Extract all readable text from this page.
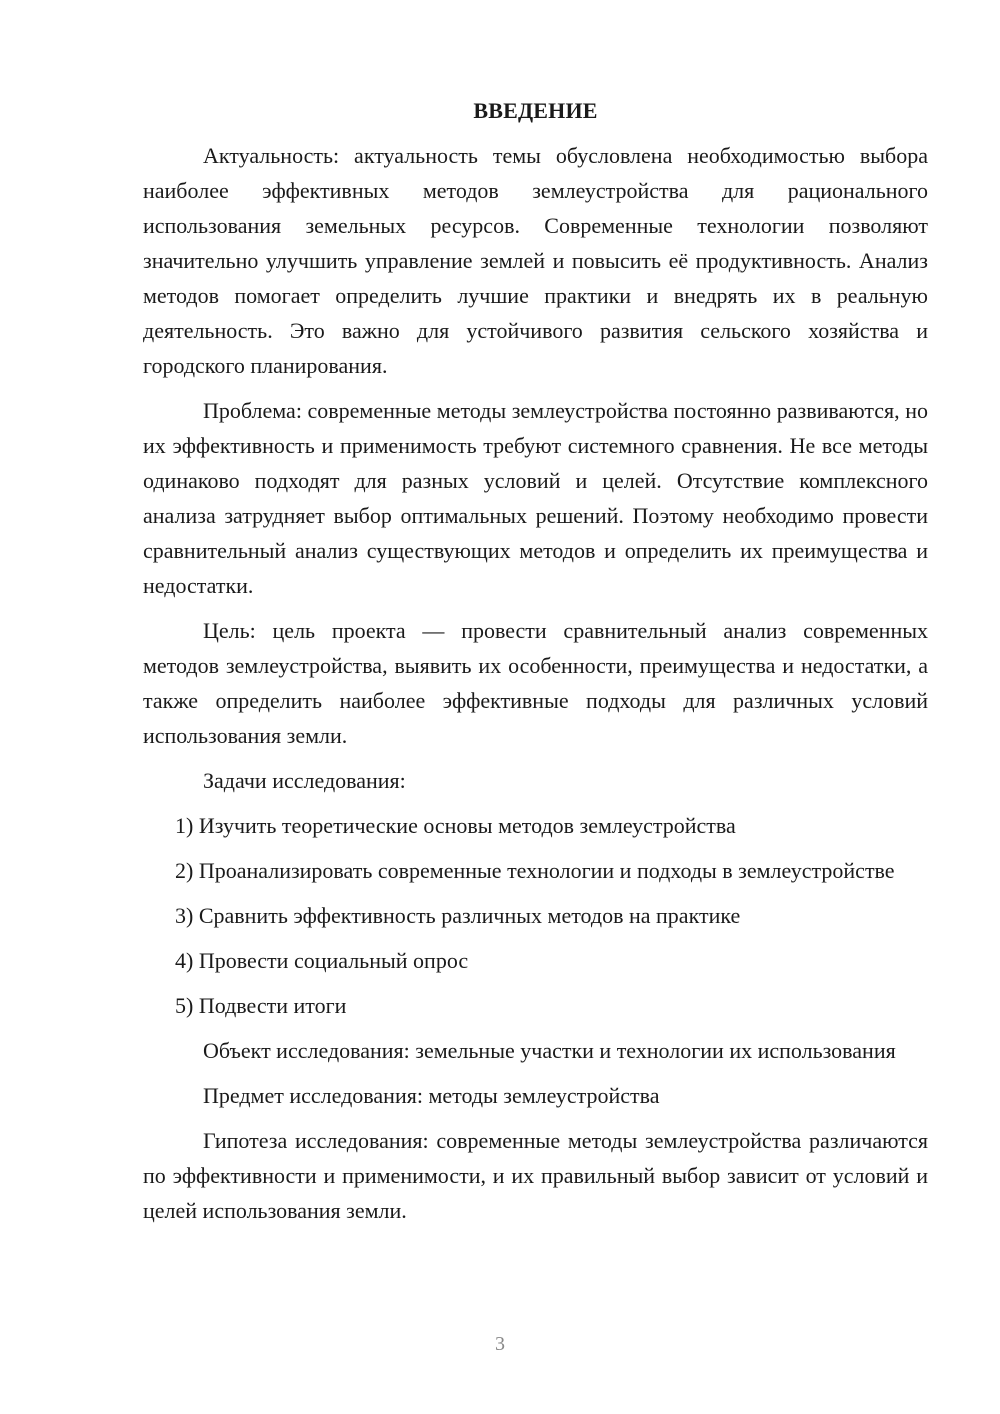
ВВЕДЕНИЕ

Актуальность: актуальность темы обусловлена необходимостью выбора наиболее эффективных методов землеустройства для рационального использования земельных ресурсов. Современные технологии позволяют значительно улучшить управление землей и повысить её продуктивность. Анализ методов помогает определить лучшие практики и внедрять их в реальную деятельность. Это важно для устойчивого развития сельского хозяйства и городского планирования.

Проблема: современные методы землеустройства постоянно развиваются, но их эффективность и применимость требуют системного сравнения. Не все методы одинаково подходят для разных условий и целей. Отсутствие комплексного анализа затрудняет выбор оптимальных решений. Поэтому необходимо провести сравнительный анализ существующих методов и определить их преимущества и недостатки.

Цель: цель проекта — провести сравнительный анализ современных методов землеустройства, выявить их особенности, преимущества и недостатки, а также определить наиболее эффективные подходы для различных условий использования земли.

Задачи исследования:

1) Изучить теоретические основы методов землеустройства

2) Проанализировать современные технологии и подходы в землеустройстве

3) Сравнить эффективность различных методов на практике

4) Провести социальный опрос

5) Подвести итоги

Объект исследования: земельные участки и технологии их использования

Предмет исследования: методы землеустройства

Гипотеза исследования: современные методы землеустройства различаются по эффективности и применимости, и их правильный выбор зависит от условий и целей использования земли.

3
